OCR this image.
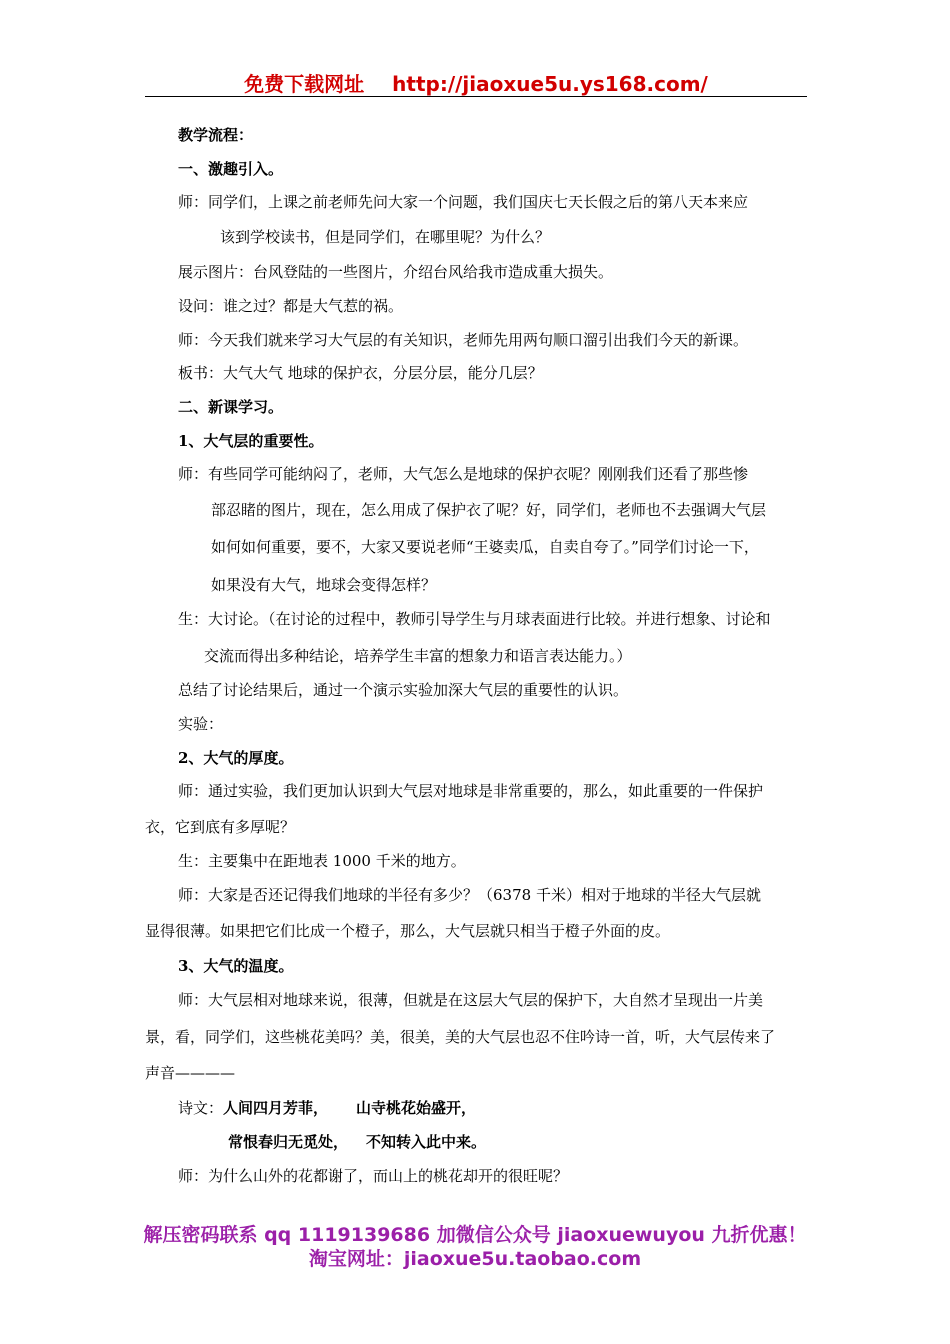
免费下载网址 http://jiaoxue5u.ys168.com/
教学流程：
一、激趣引入。
师：同学们，上课之前老师先问大家一个问题，我们国庆七天长假之后的第八天本来应
该到学校读书，但是同学们，在哪里呢？为什么？
展示图片：台风登陆的一些图片，介绍台风给我市造成重大损失。
设问：谁之过？都是大气惹的祸。
师：今天我们就来学习大气层的有关知识，老师先用两句顺口溜引出我们今天的新课。
板书：大气大气 地球的保护衣，分层分层，能分几层？
二、新课学习。
1、大气层的重要性。
师：有些同学可能纳闷了，老师，大气怎么是地球的保护衣呢？刚刚我们还看了那些惨
部忍睹的图片，现在，怎么用成了保护衣了呢？好，同学们，老师也不去强调大气层
如何如何重要，要不，大家又要说老师“王婆卖瓜，自卖自夸了。”同学们讨论一下，
如果没有大气，地球会变得怎样？
生：大讨论。（在讨论的过程中，教师引导学生与月球表面进行比较。并进行想象、讨论和
交流而得出多种结论，培养学生丰富的想象力和语言表达能力。）
总结了讨论结果后，通过一个演示实验加深大气层的重要性的认识。
实验：
2、大气的厚度。
师：通过实验，我们更加认识到大气层对地球是非常重要的，那么，如此重要的一件保护
衣，它到底有多厚呢？
生：主要集中在距地表 1000 千米的地方。
师：大家是否还记得我们地球的半径有多少？（6378 千米）相对于地球的半径大气层就
显得很薄。如果把它们比成一个橙子，那么，大气层就只相当于橙子外面的皮。
3、大气的温度。
师：大气层相对地球来说，很薄，但就是在这层大气层的保护下，大自然才呈现出一片美
景，看，同学们，这些桃花美吗？美，很美，美的大气层也忍不住吟诗一首，听，大气层传来了
声音————
诗文：人间四月芳菲， 山寺桃花始盛开，
常恨春归无觅处， 不知转入此中来。
师：为什么山外的花都谢了，而山上的桃花却开的很旺呢？
解压密码联系 qq 1119139686 加微信公众号 jiaoxuewuyou 九折优惠！
淘宝网址：jiaoxue5u.taobao.com
